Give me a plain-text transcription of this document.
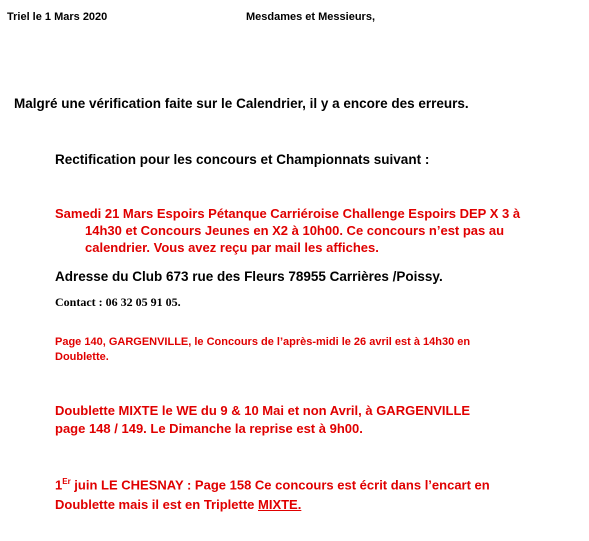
Triel le 1 Mars 2020	Mesdames et Messieurs,
Malgré une vérification faite sur le Calendrier, il y a encore des erreurs.
Rectification pour les concours et Championnats suivant :
Samedi 21 Mars Espoirs Pétanque Carriéroise Challenge Espoirs DEP X 3 à
14h30 et Concours Jeunes en X2 à 10h00. Ce concours n’est pas au
calendrier. Vous avez reçu par mail les affiches.
Adresse du Club 673 rue des Fleurs 78955 Carrières /Poissy.
Contact : 06 32 05 91 05.
Page 140, GARGENVILLE, le Concours de l’après-midi le 26 avril est à 14h30 en
Doublette.
Doublette MIXTE le WE du 9 & 10 Mai et non Avril, à GARGENVILLE
page 148 / 149. Le Dimanche la reprise est à 9h00.
1Er juin LE CHESNAY : Page 158 Ce concours est écrit dans l’encart en
Doublette mais il est en Triplette MIXTE.
